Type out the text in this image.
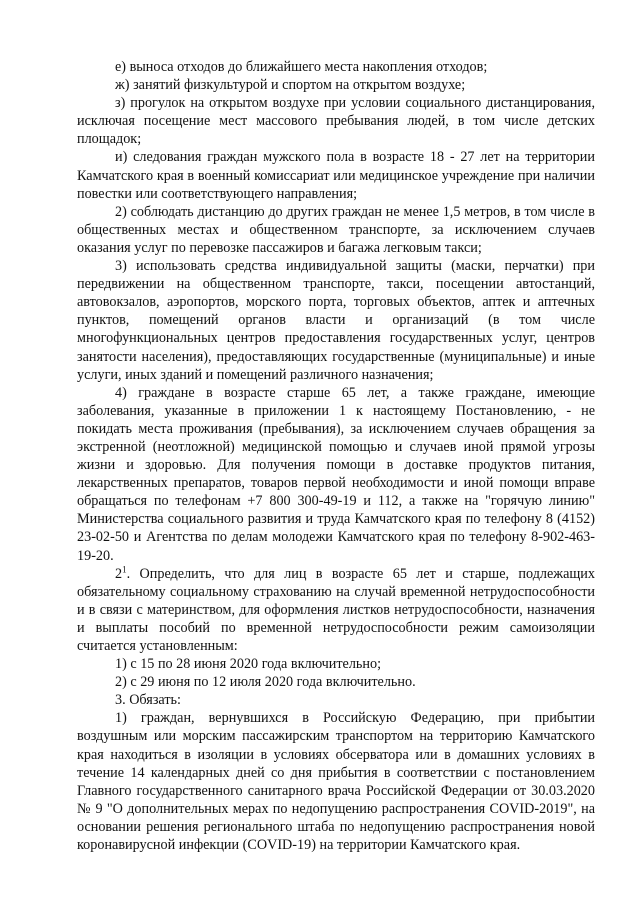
е) выноса отходов до ближайшего места накопления отходов;

ж) занятий физкультурой и спортом на открытом воздухе;

з) прогулок на открытом воздухе при условии социального дистанцирования, исключая посещение мест массового пребывания людей, в том числе детских площадок;

и) следования граждан мужского пола в возрасте 18 - 27 лет на территории Камчатского края в военный комиссариат или медицинское учреждение при наличии повестки или соответствующего направления;

2) соблюдать дистанцию до других граждан не менее 1,5 метров, в том числе в общественных местах и общественном транспорте, за исключением случаев оказания услуг по перевозке пассажиров и багажа легковым такси;

3) использовать средства индивидуальной защиты (маски, перчатки) при передвижении на общественном транспорте, такси, посещении автостанций, автовокзалов, аэропортов, морского порта, торговых объектов, аптек и аптечных пунктов, помещений органов власти и организаций (в том числе многофункциональных центров предоставления государственных услуг, центров занятости населения), предоставляющих государственные (муниципальные) и иные услуги, иных зданий и помещений различного назначения;

4) граждане в возрасте старше 65 лет, а также граждане, имеющие заболевания, указанные в приложении 1 к настоящему Постановлению, - не покидать места проживания (пребывания), за исключением случаев обращения за экстренной (неотложной) медицинской помощью и случаев иной прямой угрозы жизни и здоровью. Для получения помощи в доставке продуктов питания, лекарственных препаратов, товаров первой необходимости и иной помощи вправе обращаться по телефонам +7 800 300-49-19 и 112, а также на "горячую линию" Министерства социального развития и труда Камчатского края по телефону 8 (4152) 23-02-50 и Агентства по делам молодежи Камчатского края по телефону 8-902-463-19-20.

$2^1$. Определить, что для лиц в возрасте 65 лет и старше, подлежащих обязательному социальному страхованию на случай временной нетрудоспособности и в связи с материнством, для оформления листков нетрудоспособности, назначения и выплаты пособий по временной нетрудоспособности режим самоизоляции считается установленным:

1) с 15 по 28 июня 2020 года включительно;

2) с 29 июня по 12 июля 2020 года включительно.

3. Обязать:

1) граждан, вернувшихся в Российскую Федерацию, при прибытии воздушным или морским пассажирским транспортом на территорию Камчатского края находиться в изоляции в условиях обсерватора или в домашних условиях в течение 14 календарных дней со дня прибытия в соответствии с постановлением Главного государственного санитарного врача Российской Федерации от 30.03.2020 № 9 "О дополнительных мерах по недопущению распространения COVID-2019", на основании решения регионального штаба по недопущению распространения новой коронавирусной инфекции (COVID-19) на территории Камчатского края.
